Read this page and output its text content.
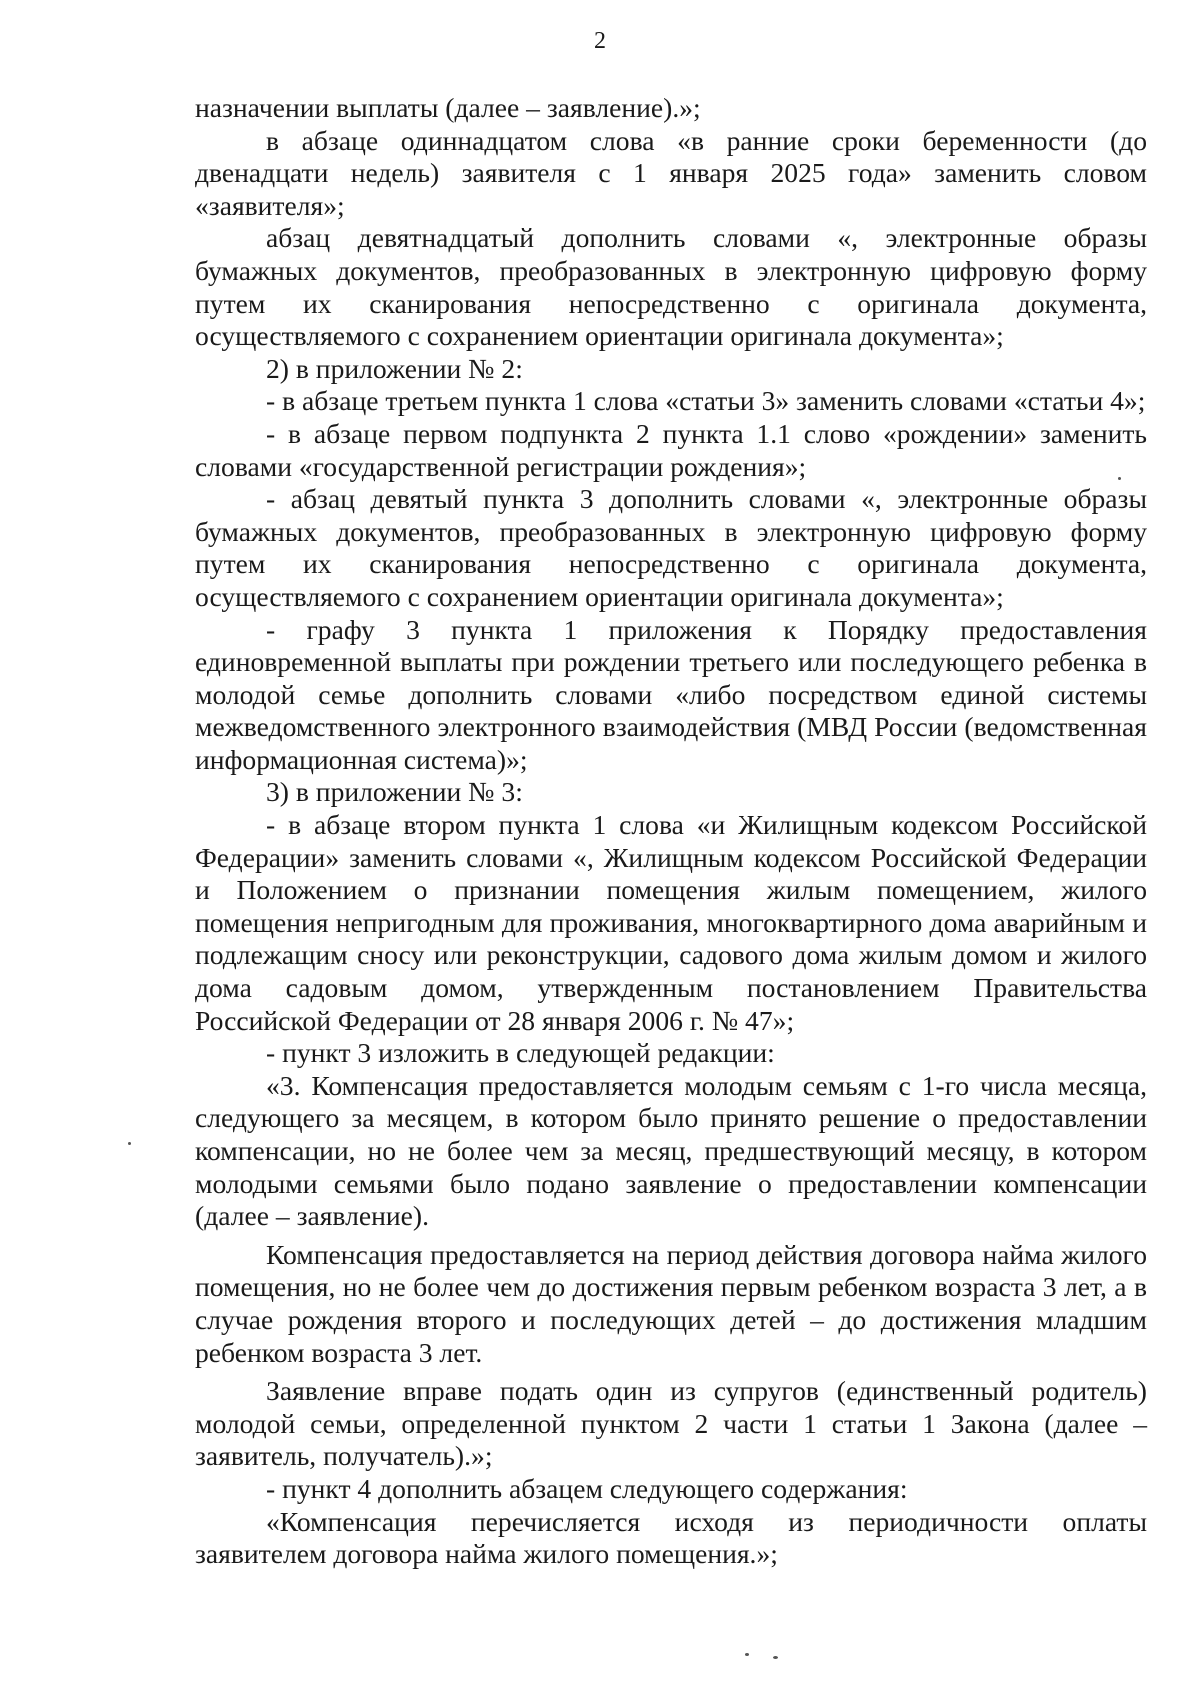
2

назначении выплаты (далее – заявление).»;

в абзаце одиннадцатом слова «в ранние сроки беременности (до двенадцати недель) заявителя с 1 января 2025 года» заменить словом «заявителя»;

абзац девятнадцатый дополнить словами «, электронные образы бумажных документов, преобразованных в электронную цифровую форму путем их сканирования непосредственно с оригинала документа, осуществляемого с сохранением ориентации оригинала документа»;

2) в приложении № 2:

- в абзаце третьем пункта 1 слова «статьи 3» заменить словами «статьи 4»;

- в абзаце первом подпункта 2 пункта 1.1 слово «рождении» заменить словами «государственной регистрации рождения»;

- абзац девятый пункта 3 дополнить словами «, электронные образы бумажных документов, преобразованных в электронную цифровую форму путем их сканирования непосредственно с оригинала документа, осуществляемого с сохранением ориентации оригинала документа»;

- графу 3 пункта 1 приложения к Порядку предоставления единовременной выплаты при рождении третьего или последующего ребенка в молодой семье дополнить словами «либо посредством единой системы межведомственного электронного взаимодействия (МВД России (ведомственная информационная система)»;

3) в приложении № 3:

- в абзаце втором пункта 1 слова «и Жилищным кодексом Российской Федерации» заменить словами «, Жилищным кодексом Российской Федерации и Положением о признании помещения жилым помещением, жилого помещения непригодным для проживания, многоквартирного дома аварийным и подлежащим сносу или реконструкции, садового дома жилым домом и жилого дома садовым домом, утвержденным постановлением Правительства Российской Федерации от 28 января 2006 г. № 47»;

- пункт 3 изложить в следующей редакции:

«3. Компенсация предоставляется молодым семьям с 1-го числа месяца, следующего за месяцем, в котором было принято решение о предоставлении компенсации, но не более чем за месяц, предшествующий месяцу, в котором молодыми семьями было подано заявление о предоставлении компенсации (далее – заявление).

Компенсация предоставляется на период действия договора найма жилого помещения, но не более чем до достижения первым ребенком возраста 3 лет, а в случае рождения второго и последующих детей – до достижения младшим ребенком возраста 3 лет.

Заявление вправе подать один из супругов (единственный родитель) молодой семьи, определенной пунктом 2 части 1 статьи 1 Закона (далее – заявитель, получатель).»;

- пункт 4 дополнить абзацем следующего содержания:

«Компенсация перечисляется исходя из периодичности оплаты заявителем договора найма жилого помещения.»;
